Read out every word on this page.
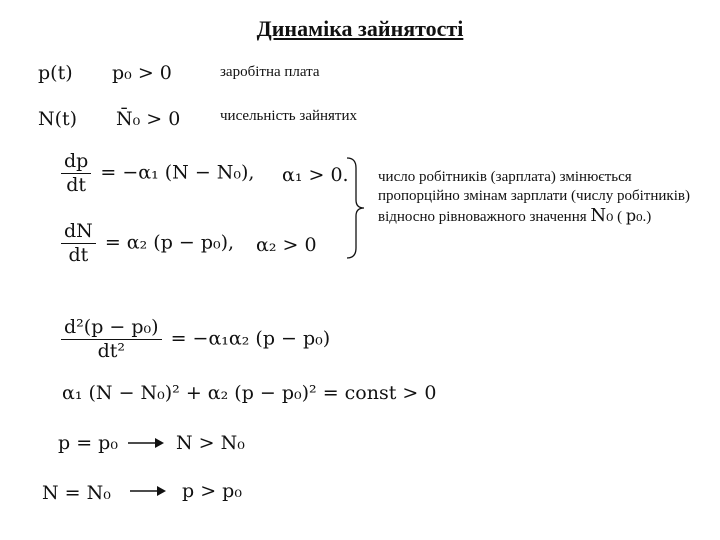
Динаміка зайнятості
p(t) p₀ > 0	заробітна плата
N(t) N̄₀ > 0	чисельність зайнятих
$\frac{dp}{dt} = -\alpha_1$ (N − N₀), α₁ > 0.
$\frac{dN}{dt} = \alpha_2$ (p − p₀), α₂ > 0
число робітників (зарплата) змінюється пропорційно змінам зарплати (числу робітників) відносно рівноважного значення N₀ ( p₀.)
$\frac{\text{d²(p − p₀)}}{\text{dt²}} = -\alpha_1\alpha_2$ (p − p₀)
α₁ (N − N₀)² + α₂ (p − p₀)² = const > 0
p = p₀	N > N₀
N = N₀	p > p₀
